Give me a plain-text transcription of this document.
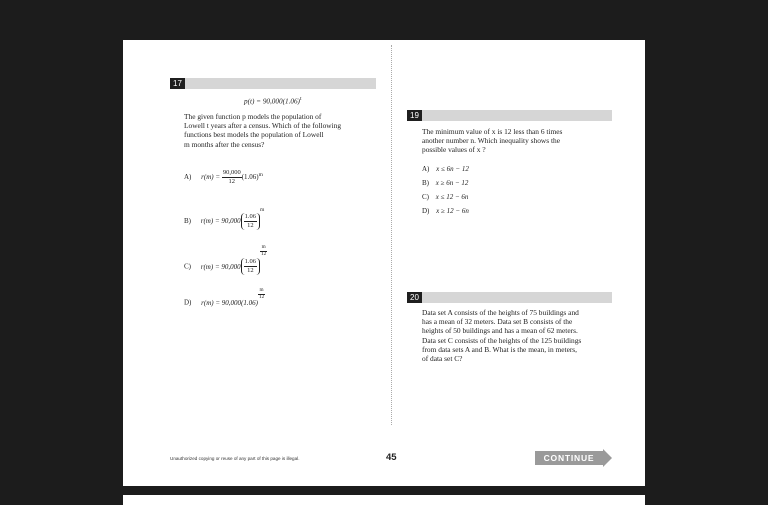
17
$p(t) = 90,000(1.06)^t$
The given function p models the population of
Lowell t years after a census. Which of the following
functions best models the population of Lowell
m months after the census?
A) $r(m) = \frac{90,000}{12} (1.06)^m$
B) $r(m) = 90,000 \frac{1.06}{12}$
$^m$
C) $r(m) = 90,000 \frac{1.06}{12}$
$\frac{m}{12}$
D) r(m) = 90,000(1.06)
$\frac{m}{12}$
19
The minimum value of x is 12 less than 6 times
another number n. Which inequality shows the
possible values of x ?
A) x ≤ 6n − 12
B) x ≥ 6n − 12
C) x ≤ 12 − 6n
D) x ≥ 12 − 6n
20
Data set A consists of the heights of 75 buildings and
has a mean of 32 meters. Data set B consists of the
heights of 50 buildings and has a mean of 62 meters.
Data set C consists of the heights of the 125 buildings
from data sets A and B. What is the mean, in meters,
of data set C?
Unauthorized copying or reuse of any part of this page is illegal.	45	CONTINUE
